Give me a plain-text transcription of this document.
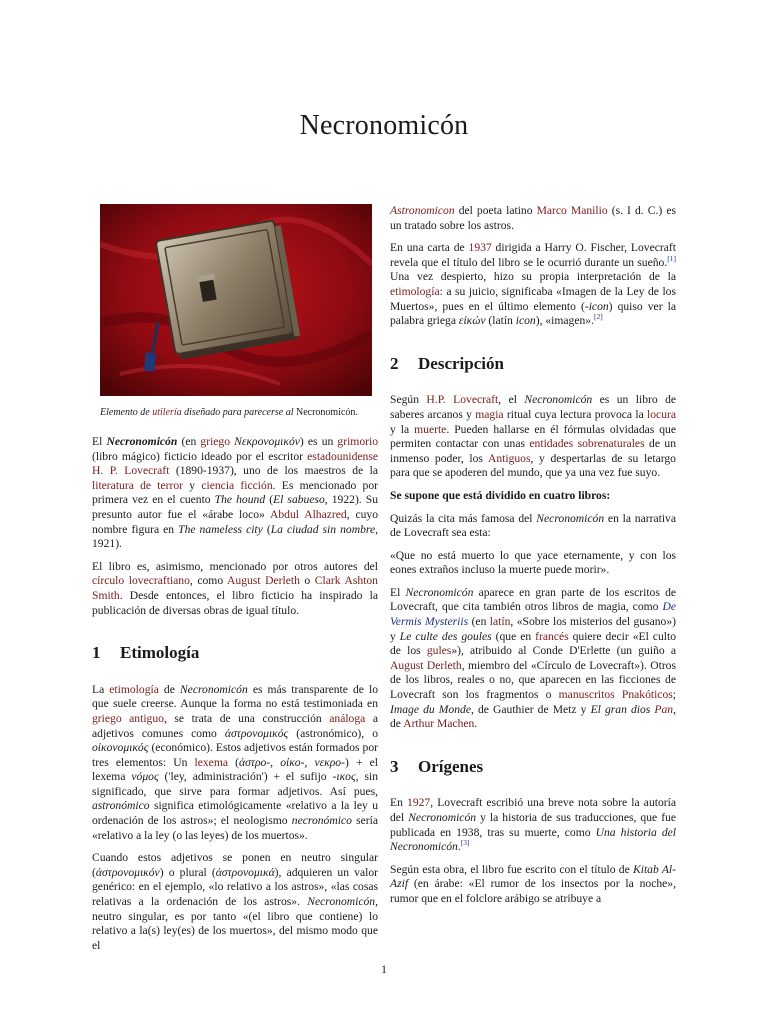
Necronomicón

Elemento de utilería diseñado para parecerse al Necronomicón.

El Necronomicón (en griego Νεκρονομικόν) es un grimorio (libro mágico) ficticio ideado por el escritor estadounidense H. P. Lovecraft (1890-1937), uno de los maestros de la literatura de terror y ciencia ficción. Es mencionado por primera vez en el cuento The hound (El sabueso, 1922). Su presunto autor fue el «árabe loco» Abdul Alhazred, cuyo nombre figura en The nameless city (La ciudad sin nombre, 1921).

El libro es, asimismo, mencionado por otros autores del círculo lovecraftiano, como August Derleth o Clark Ashton Smith. Desde entonces, el libro ficticio ha inspirado la publicación de diversas obras de igual título.

1 Etimología

La etimología de Necronomicón es más transparente de lo que suele creerse. Aunque la forma no está testimoniada en griego antiguo, se trata de una construcción análoga a adjetivos comunes como ἀστρονομικός (astronómico), o οἰκονομικός (económico). Estos adjetivos están formados por tres elementos: Un lexema (ἀστρο-, οἰκο-, νεκρο-) + el lexema νόμος ('ley, administración') + el sufijo -ικος, sin significado, que sirve para formar adjetivos. Así pues, astronómico significa etimológicamente «relativo a la ley u ordenación de los astros»; el neologismo necronómico sería «relativo a la ley (o las leyes) de los muertos».

Cuando estos adjetivos se ponen en neutro singular (ἀστρονομικόν) o plural (ἀστρονομικά), adquieren un valor genérico: en el ejemplo, «lo relativo a los astros», «las cosas relativas a la ordenación de los astros». Necronomicón, neutro singular, es por tanto «(el libro que contiene) lo relativo a la(s) ley(es) de los muertos», del mismo modo que el

Astronomicon del poeta latino Marco Manilio (s. I d. C.) es un tratado sobre los astros.

En una carta de 1937 dirigida a Harry O. Fischer, Lovecraft revela que el título del libro se le ocurrió durante un sueño.[1] Una vez despierto, hizo su propia interpretación de la etimología: a su juicio, significaba «Imagen de la Ley de los Muertos», pues en el último elemento (-icon) quiso ver la palabra griega εἰκών (latín icon), «imagen».[2]

2 Descripción

Según H.P. Lovecraft, el Necronomicón es un libro de saberes arcanos y magia ritual cuya lectura provoca la locura y la muerte. Pueden hallarse en él fórmulas olvidadas que permiten contactar con unas entidades sobrenaturales de un inmenso poder, los Antiguos, y despertarlas de su letargo para que se apoderen del mundo, que ya una vez fue suyo.

Se supone que está dividido en cuatro libros:

Quizás la cita más famosa del Necronomicón en la narrativa de Lovecraft sea esta:

«Que no está muerto lo que yace eternamente, y con los eones extraños incluso la muerte puede morir».

El Necronomicón aparece en gran parte de los escritos de Lovecraft, que cita también otros libros de magia, como De Vermis Mysteriis (en latín, «Sobre los misterios del gusano») y Le culte des goules (que en francés quiere decir «El culto de los gules»), atribuido al Conde D'Erlette (un guiño a August Derleth, miembro del «Círculo de Lovecraft»). Otros de los libros, reales o no, que aparecen en las ficciones de Lovecraft son los fragmentos o manuscritos Pnakóticos; Image du Monde, de Gauthier de Metz y El gran dios Pan, de Arthur Machen.

3 Orígenes

En 1927, Lovecraft escribió una breve nota sobre la autoría del Necronomicón y la historia de sus traducciones, que fue publicada en 1938, tras su muerte, como Una historia del Necronomicón.[3]

Según esta obra, el libro fue escrito con el título de Kitab Al-Azif (en árabe: «El rumor de los insectos por la noche», rumor que en el folclore arábigo se atribuye a

1
